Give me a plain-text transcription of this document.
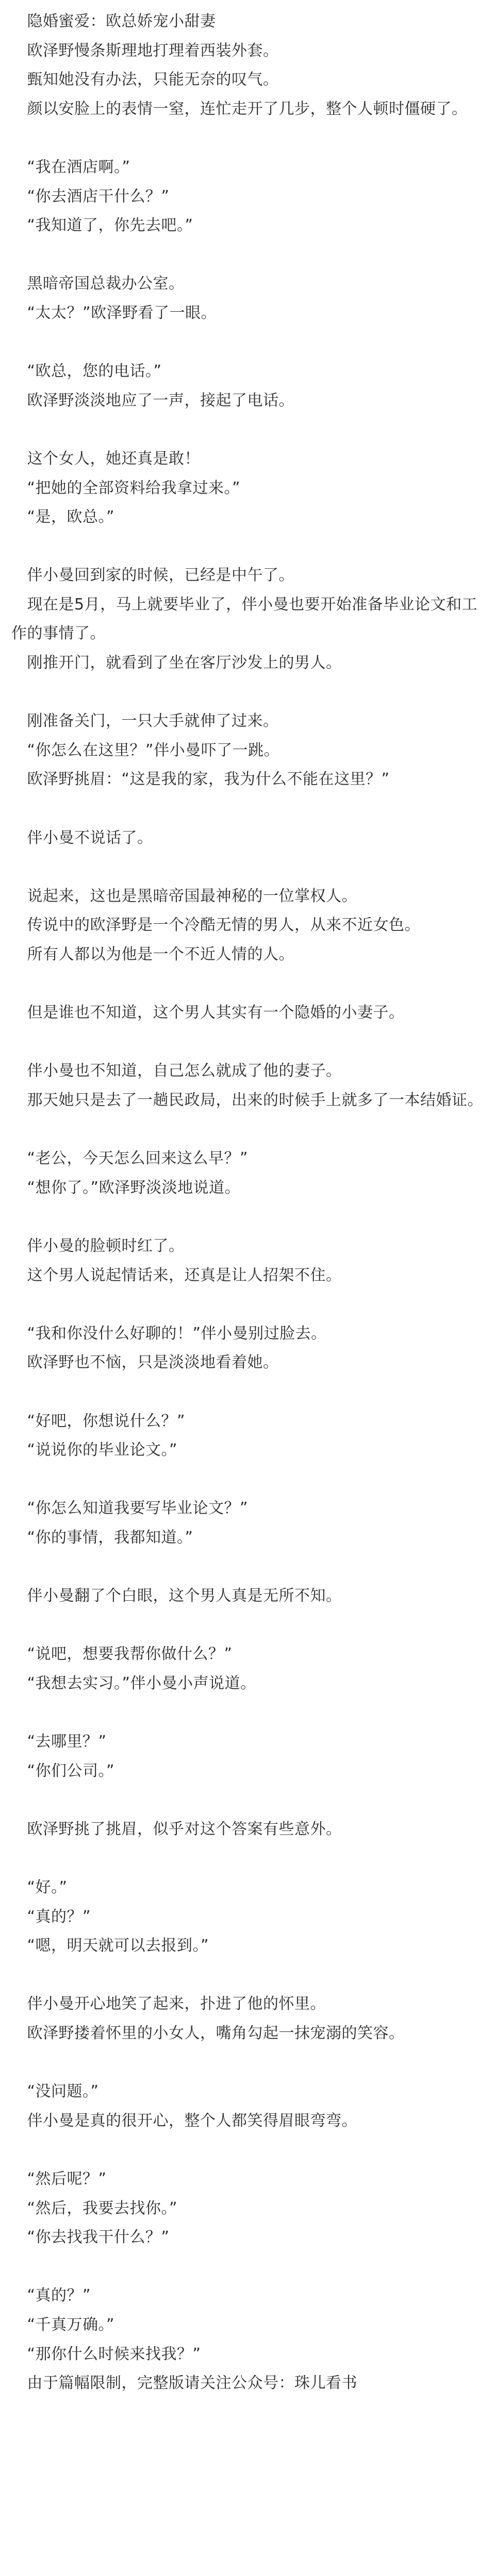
　隐婚蜜爱：欧总娇宠小甜妻

　欧泽野慢条斯理地打理着西装外套。

　甄知她没有办法，只能无奈的叹气。

　颜以安脸上的表情一窒，连忙走开了几步，整个人顿时僵硬了。

　“我在酒店啊。”

　“你去酒店干什么？”

　“我知道了，你先去吧。”

　黑暗帝国总裁办公室。

　“太太？”欧泽野看了一眼。

　“欧总，您的电话。”

　欧泽野淡淡地应了一声，接起了电话。

　这个女人，她还真是敢！

　“把她的全部资料给我拿过来。”

　“是，欧总。”

　伴小曼回到家的时候，已经是中午了。

　现在是5月，马上就要毕业了，伴小曼也要开始准备毕业论文和工作的事情了。

　刚推开门，就看到了坐在客厅沙发上的男人。

　刚准备关门，一只大手就伸了过来。

　“你怎么在这里？”伴小曼吓了一跳。

　欧泽野挑眉：“这是我的家，我为什么不能在这里？”

　伴小曼不说话了。

　说起来，这也是黑暗帝国最神秘的一位掌权人。

　传说中的欧泽野是一个冷酷无情的男人，从来不近女色。

　所有人都以为他是一个不近人情的人。

　但是谁也不知道，这个男人其实有一个隐婚的小妻子。

　伴小曼也不知道，自己怎么就成了他的妻子。

　那天她只是去了一趟民政局，出来的时候手上就多了一本结婚证。

　“老公，今天怎么回来这么早？”

　“想你了。”欧泽野淡淡地说道。

　伴小曼的脸顿时红了。

　这个男人说起情话来，还真是让人招架不住。

　“我和你没什么好聊的！”伴小曼别过脸去。

　欧泽野也不恼，只是淡淡地看着她。

　“好吧，你想说什么？”

　“说说你的毕业论文。”

　“你怎么知道我要写毕业论文？”

　“你的事情，我都知道。”

　伴小曼翻了个白眼，这个男人真是无所不知。

　“说吧，想要我帮你做什么？”

　“我想去实习。”伴小曼小声说道。

　“去哪里？”

　“你们公司。”

　欧泽野挑了挑眉，似乎对这个答案有些意外。

　“好。”

　“真的？”

　“嗯，明天就可以去报到。”

　伴小曼开心地笑了起来，扑进了他的怀里。

　欧泽野搂着怀里的小女人，嘴角勾起一抹宠溺的笑容。

　“没问题。”

　伴小曼是真的很开心，整个人都笑得眉眼弯弯。

　“然后呢？”

　“然后，我要去找你。”

　“你去找我干什么？”

　“真的？”

　“千真万确。”

　“那你什么时候来找我？”

　由于篇幅限制，完整版请关注公众号：珠儿看书
